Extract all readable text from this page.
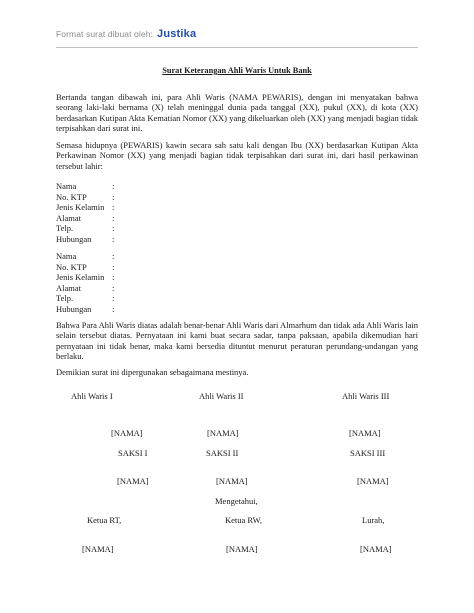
Format surat dibuat oleh: Justika
Surat Keterangan Ahli Waris Untuk Bank
Bertanda tangan dibawah ini, para Ahli Waris (NAMA PEWARIS), dengan ini menyatakan bahwa seorang laki-laki bernama (X) telah meninggal dunia pada tanggal (XX), pukul (XX), di kota (XX) berdasarkan Kutipan Akta Kematian Nomor (XX) yang dikeluarkan oleh (XX) yang menjadi bagian tidak terpisahkan dari surat ini.
Semasa hidupnya (PEWARIS) kawin secara sah satu kali dengan Ibu (XX) berdasarkan Kutipan Akta Perkawinan Nomor (XX) yang menjadi bagian tidak terpisahkan dari surat ini, dari hasil perkawinan tersebut lahir:
Nama	:
No. KTP	:
Jenis Kelamin :
Alamat	:
Telp.	:
Hubungan	:
Nama	:
No. KTP	:
Jenis Kelamin :
Alamat	:
Telp.	:
Hubungan	:
Bahwa Para Ahli Waris diatas adalah benar-benar Ahli Waris dari Almarhum dan tidak ada Ahli Waris lain selain tersebut diatas. Pernyataan ini kami buat secara sadar, tanpa paksaan, apabila dikemudian hari pernyataan ini tidak benar, maka kami bersedia dituntut menurut peraturan perundang-undangan yang berlaku.
Demikian surat ini dipergunakan sebagaimana mestinya.
Ahli Waris I	Ahli Waris II	Ahli Waris III
[NAMA]	[NAMA]	[NAMA]
SAKSI I	SAKSI II	SAKSI III
[NAMA]	[NAMA]	[NAMA]
Mengetahui,
Ketua RT,	Ketua RW,	Lurah,
[NAMA]	[NAMA]	[NAMA]
